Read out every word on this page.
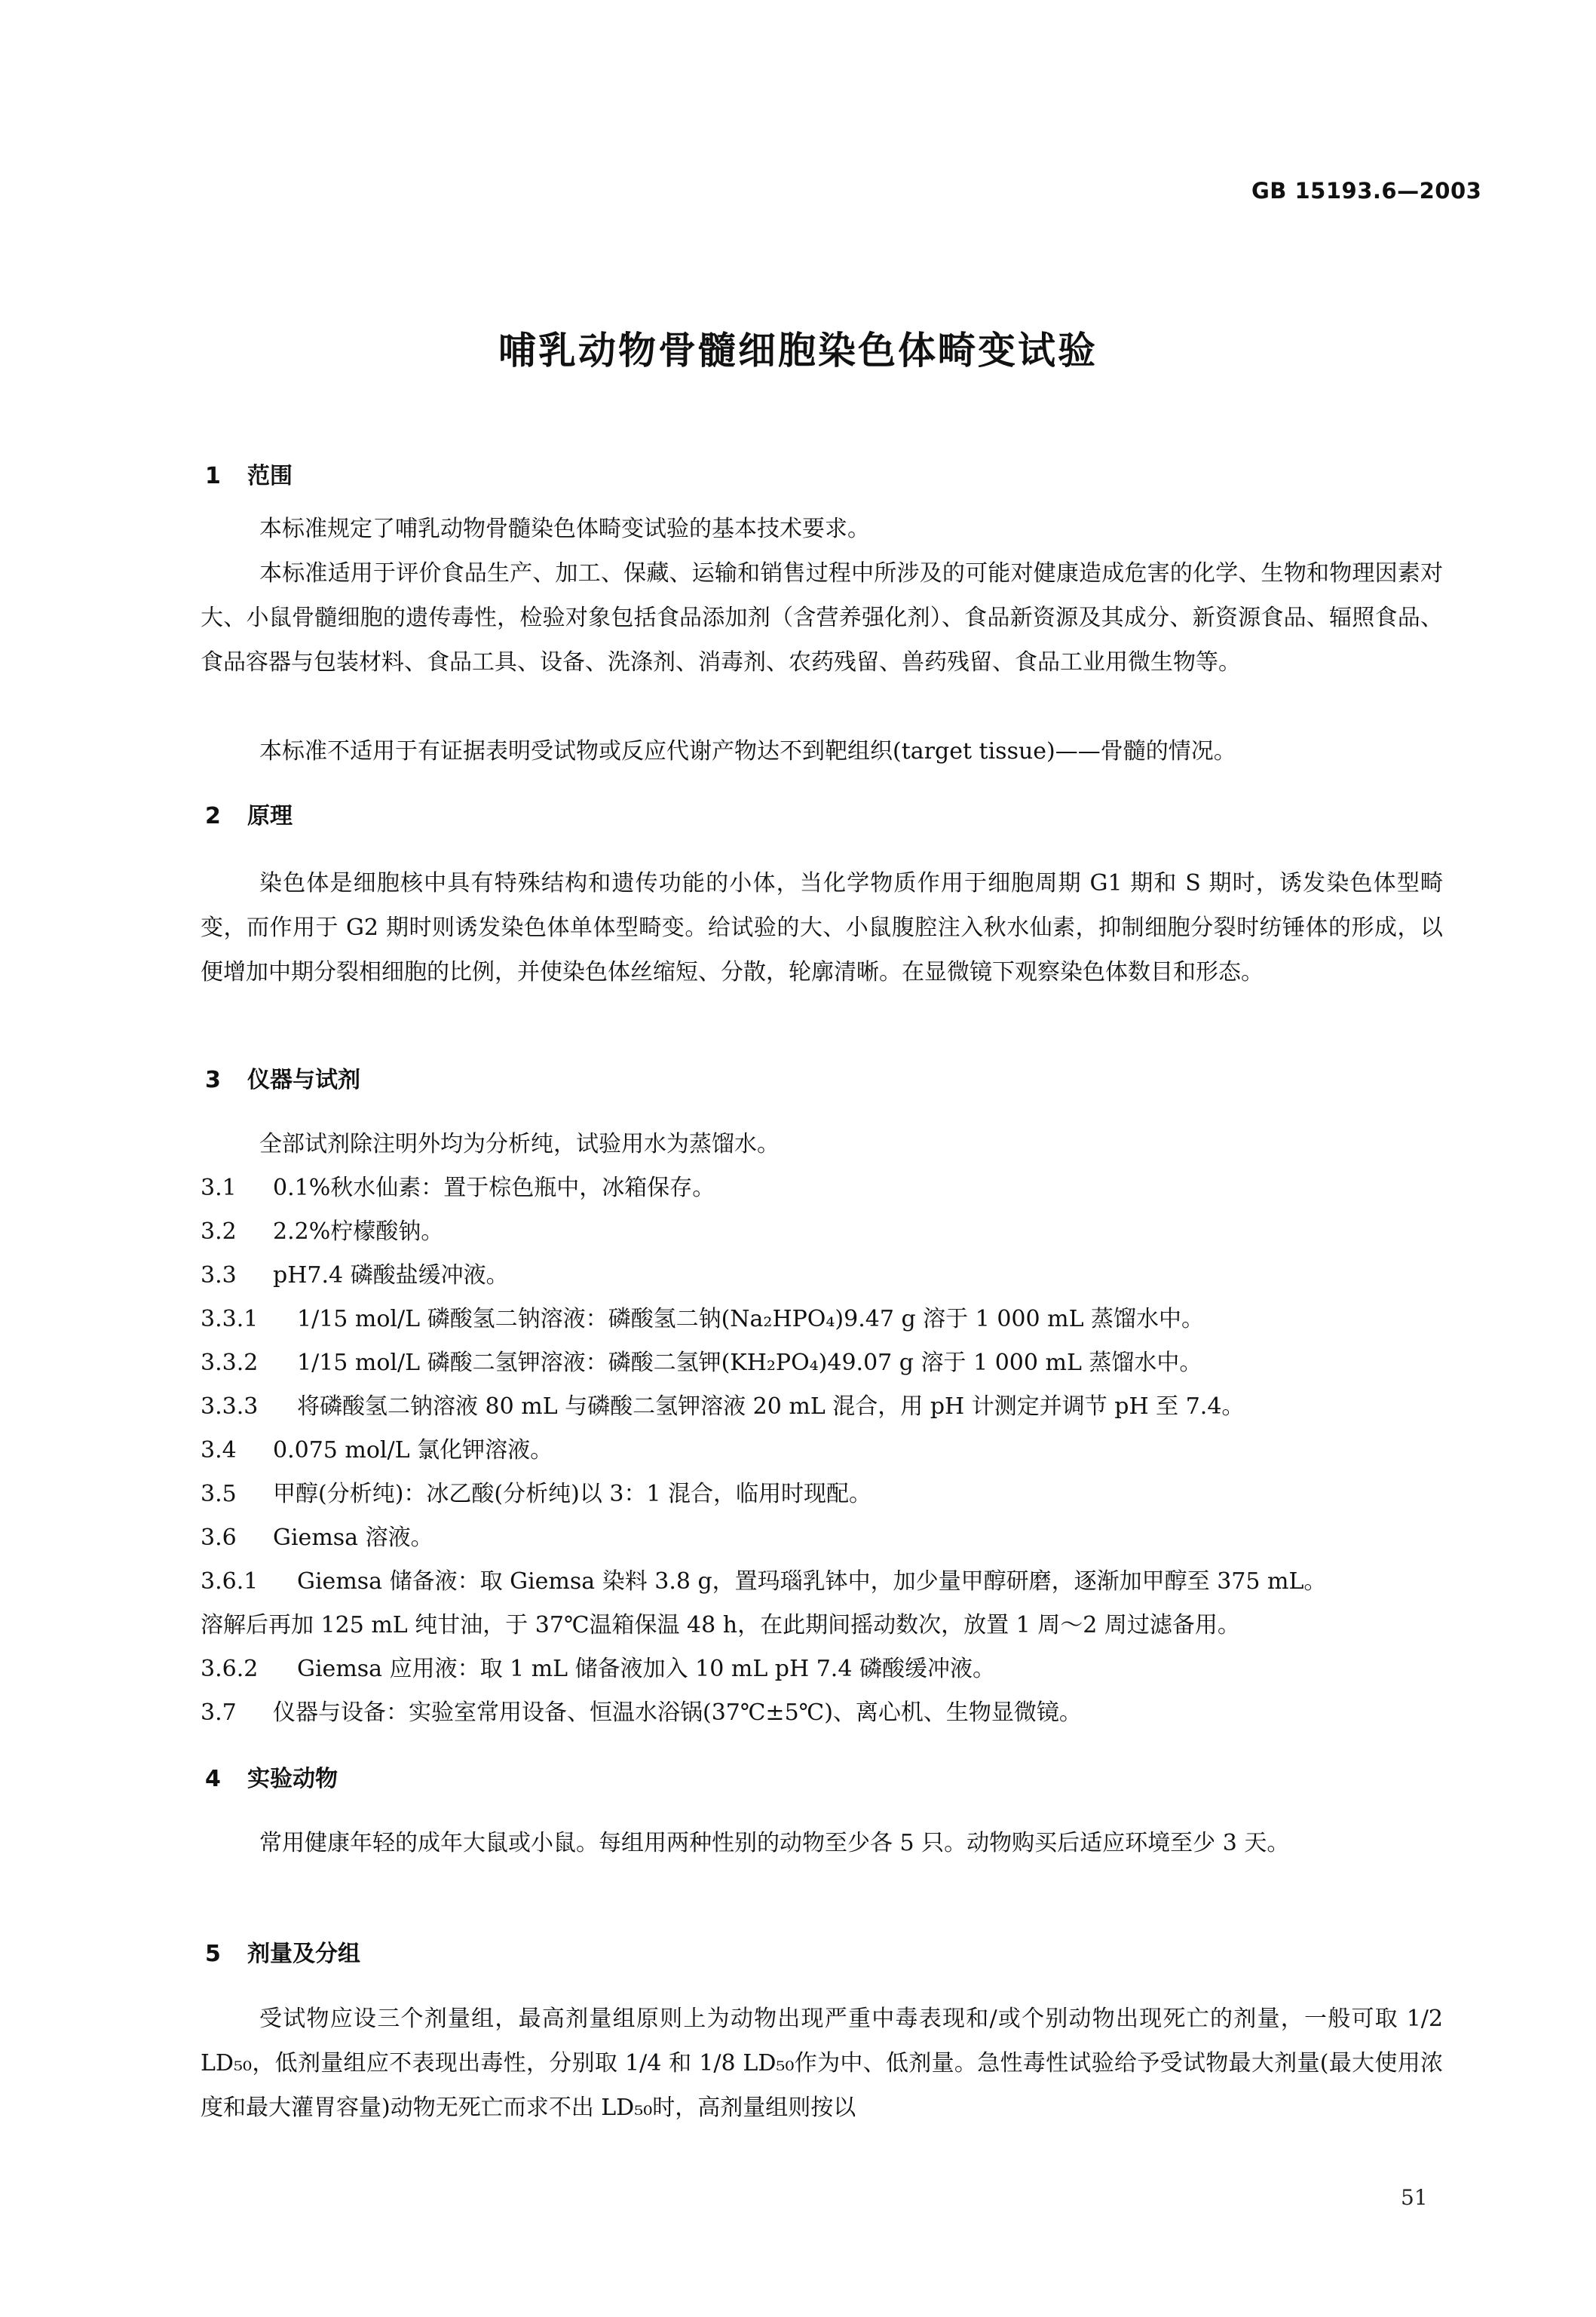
GB 15193.6—2003
哺乳动物骨髓细胞染色体畸变试验
1 范围
本标准规定了哺乳动物骨髓染色体畸变试验的基本技术要求。
本标准适用于评价食品生产、加工、保藏、运输和销售过程中所涉及的可能对健康造成危害的化学、生物和物理因素对大、小鼠骨髓细胞的遗传毒性，检验对象包括食品添加剂（含营养强化剂）、食品新资源及其成分、新资源食品、辐照食品、食品容器与包装材料、食品工具、设备、洗涤剂、消毒剂、农药残留、兽药残留、食品工业用微生物等。
本标准不适用于有证据表明受试物或反应代谢产物达不到靶组织(target tissue)——骨髓的情况。
2 原理
染色体是细胞核中具有特殊结构和遗传功能的小体，当化学物质作用于细胞周期 G1 期和 S 期时，诱发染色体型畸变，而作用于 G2 期时则诱发染色体单体型畸变。给试验的大、小鼠腹腔注入秋水仙素，抑制细胞分裂时纺锤体的形成，以便增加中期分裂相细胞的比例，并使染色体丝缩短、分散，轮廓清晰。在显微镜下观察染色体数目和形态。
3 仪器与试剂
全部试剂除注明外均为分析纯，试验用水为蒸馏水。
3.1 0.1%秋水仙素：置于棕色瓶中，冰箱保存。
3.2 2.2%柠檬酸钠。
3.3 pH7.4 磷酸盐缓冲液。
3.3.1 1/15 mol/L 磷酸氢二钠溶液：磷酸氢二钠(Na₂HPO₄)9.47 g 溶于 1 000 mL 蒸馏水中。
3.3.2 1/15 mol/L 磷酸二氢钾溶液：磷酸二氢钾(KH₂PO₄)49.07 g 溶于 1 000 mL 蒸馏水中。
3.3.3 将磷酸氢二钠溶液 80 mL 与磷酸二氢钾溶液 20 mL 混合，用 pH 计测定并调节 pH 至 7.4。
3.4 0.075 mol/L 氯化钾溶液。
3.5 甲醇(分析纯)：冰乙酸(分析纯)以 3：1 混合，临用时现配。
3.6 Giemsa 溶液。
3.6.1 Giemsa 储备液：取 Giemsa 染料 3.8 g，置玛瑙乳钵中，加少量甲醇研磨，逐渐加甲醇至 375 mL。
溶解后再加 125 mL 纯甘油，于 37℃温箱保温 48 h，在此期间摇动数次，放置 1 周～2 周过滤备用。
3.6.2 Giemsa 应用液：取 1 mL 储备液加入 10 mL pH 7.4 磷酸缓冲液。
3.7 仪器与设备：实验室常用设备、恒温水浴锅(37℃±5℃)、离心机、生物显微镜。
4 实验动物
常用健康年轻的成年大鼠或小鼠。每组用两种性别的动物至少各 5 只。动物购买后适应环境至少 3 天。
5 剂量及分组
受试物应设三个剂量组，最高剂量组原则上为动物出现严重中毒表现和/或个别动物出现死亡的剂量，一般可取 1/2 LD₅₀，低剂量组应不表现出毒性，分别取 1/4 和 1/8 LD₅₀作为中、低剂量。急性毒性试验给予受试物最大剂量(最大使用浓度和最大灌胃容量)动物无死亡而求不出 LD₅₀时，高剂量组则按以
51
